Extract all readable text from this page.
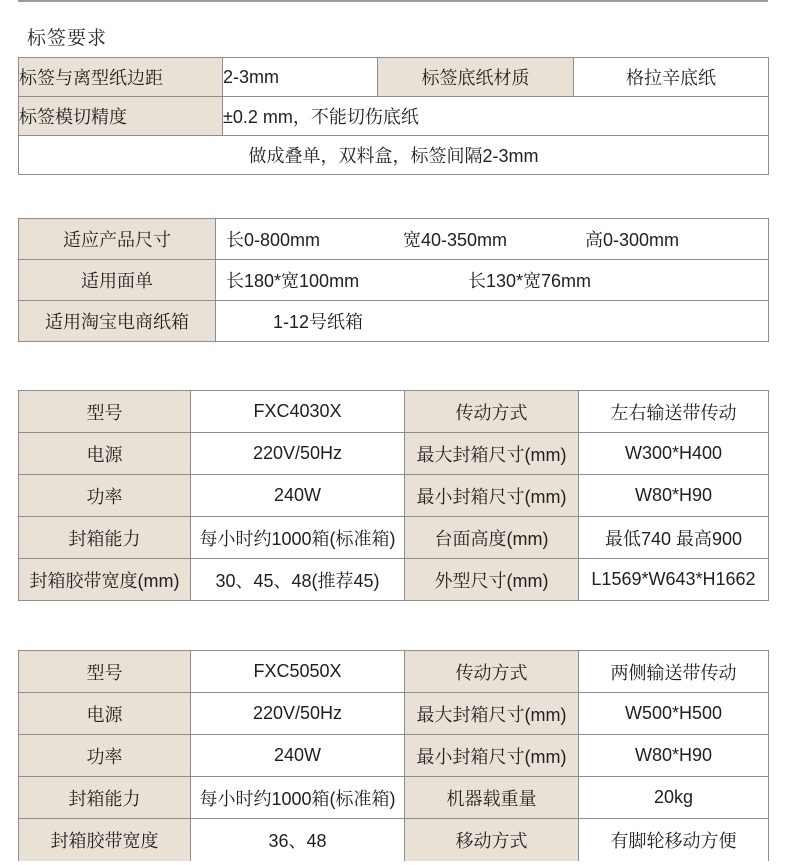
标签要求
标签与离型纸边距	2-3mm	标签底纸材质	格拉辛底纸
标签模切精度	±0.2 mm，不能切伤底纸		
做成叠单，双料盒，标签间隔2-3mm			
适应产品尺寸	长0-800mm 宽40-350mm 高0-300mm

适用面单	长180*宽100mm 长130*宽76mm

适用淘宝电商纸箱	1-12号纸箱
型号	FXC4030X	传动方式	左右输送带传动
电源	220V/50Hz	最大封箱尺寸(mm)	W300*H400
功率	240W	最小封箱尺寸(mm)	W80*H90
封箱能力	每小时约1000箱(标准箱)	台面高度(mm)	最低740 最高900
封箱胶带宽度(mm)	30、45、48(推荐45)	外型尺寸(mm)	L1569*W643*H1662
型号	FXC5050X	传动方式	两侧输送带传动
电源	220V/50Hz	最大封箱尺寸(mm)	W500*H500
功率	240W	最小封箱尺寸(mm)	W80*H90
封箱能力	每小时约1000箱(标准箱)	机器载重量	20kg
封箱胶带宽度	36、48	移动方式	有脚轮移动方便
